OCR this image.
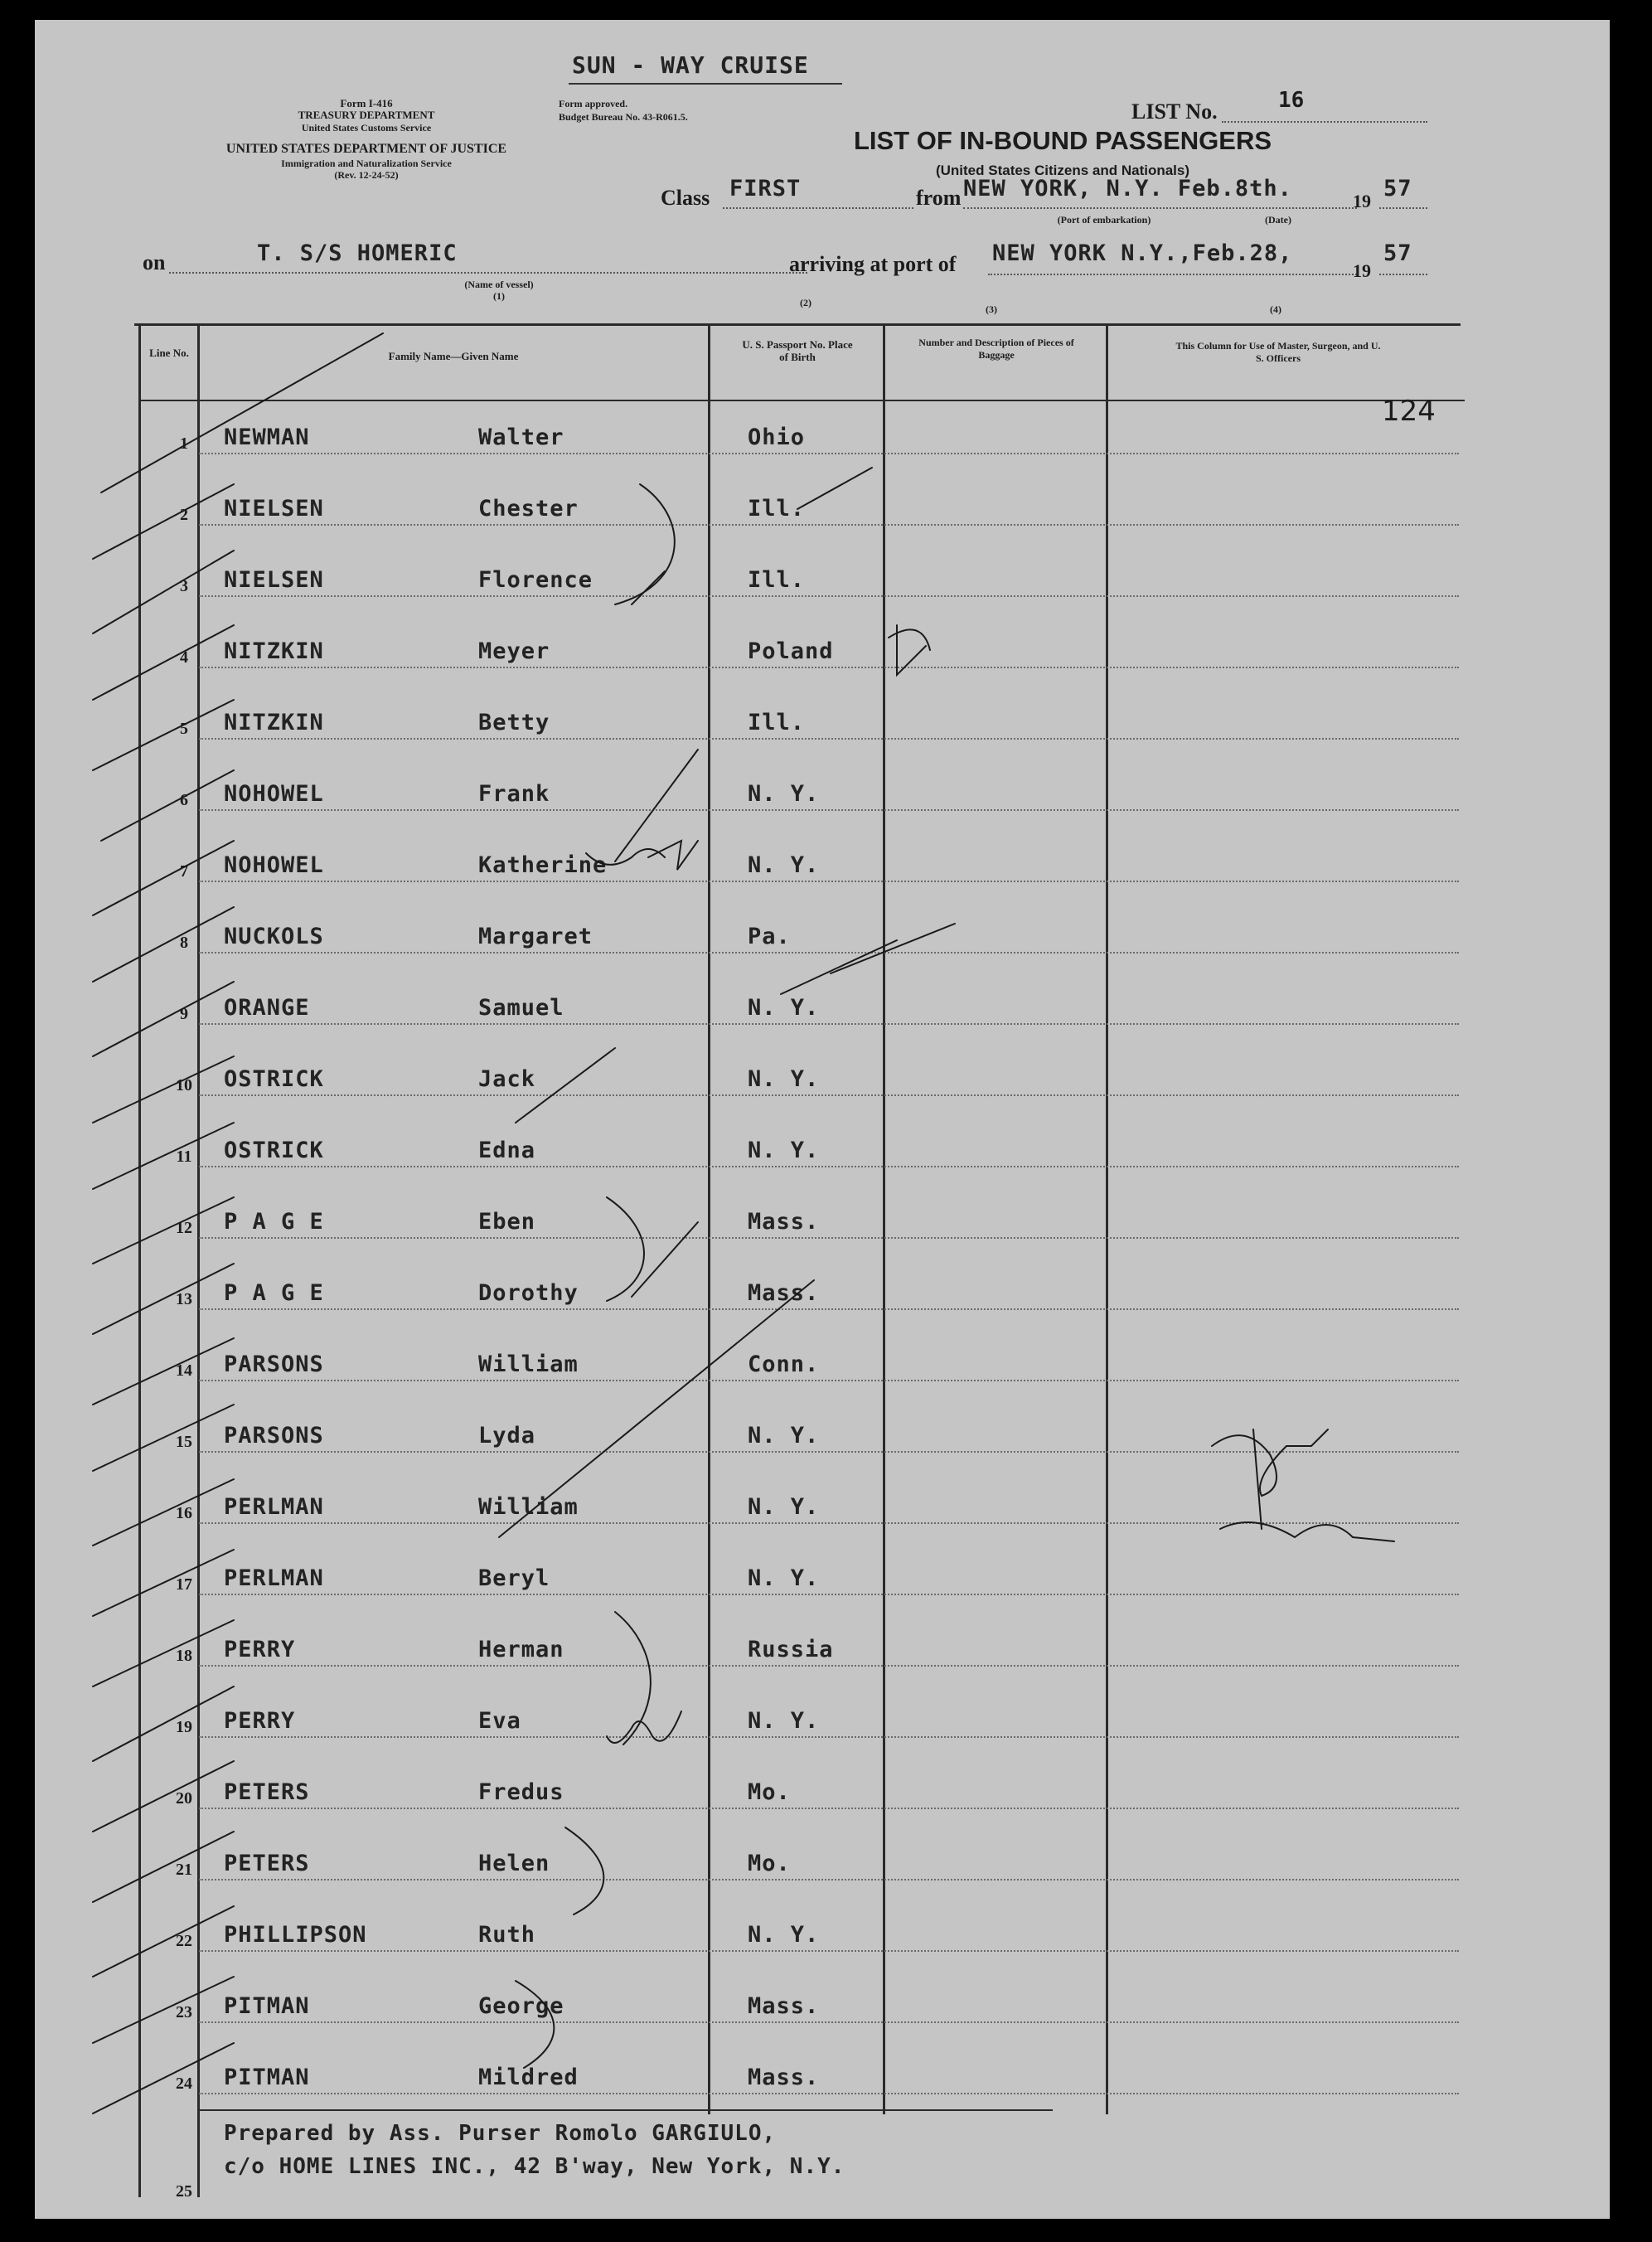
SUN - WAY CRUISE
Form I-416
TREASURY DEPARTMENT
United States Customs Service
UNITED STATES DEPARTMENT OF JUSTICE
Immigration and Naturalization Service
(Rev. 12-24-52)
Form approved.
Budget Bureau No. 43-R061.5.	LIST No.	16
LIST OF IN-BOUND PASSENGERS
(United States Citizens and Nationals)
Class FIRST	from NEW YORK, N.Y. Feb.8th.	19 57
(Port of embarkation)	(Date)
on	T. S/S HOMERIC
(Name of vessel)
(1)
arriving at port of NEW YORK N.Y.,Feb.28,
19
57
(2)
(3)	(4)
Line No.	Family Name—Given Name
U. S. Passport No. Place of Birth
Number and Description of Pieces of Baggage
This Column for Use of Master, Surgeon, and U. S. Officers
124
1	NEWMAN	Walter	Ohio
2	NIELSEN	Chester	Ill.
3	NIELSEN	Florence	Ill.
4	NITZKIN	Meyer	Poland
5	NITZKIN	Betty	Ill.
6	NOHOWEL	Frank	N. Y.
7	NOHOWEL	Katherine	N. Y.
8	NUCKOLS	Margaret	Pa.
9	ORANGE	Samuel	N. Y.
10	OSTRICK	Jack	N. Y.
11	OSTRICK	Edna	N. Y.
12	P A G E	Eben	Mass.
13	P A G E	Dorothy	Mass.
14	PARSONS	William	Conn.
15	PARSONS	Lyda	N. Y.
16	PERLMAN	William	N. Y.
17	PERLMAN	Beryl	N. Y.
18	PERRY	Herman	Russia
19	PERRY	Eva	N. Y.
20	PETERS	Fredus	Mo.
21	PETERS	Helen	Mo.
22	PHILLIPSON	Ruth	N. Y.
23	PITMAN	George	Mass.
24	PITMAN	Mildred	Mass.
25
Prepared by Ass. Purser Romolo GARGIULO,
c/o HOME LINES INC., 42 B'way, New York, N.Y.
